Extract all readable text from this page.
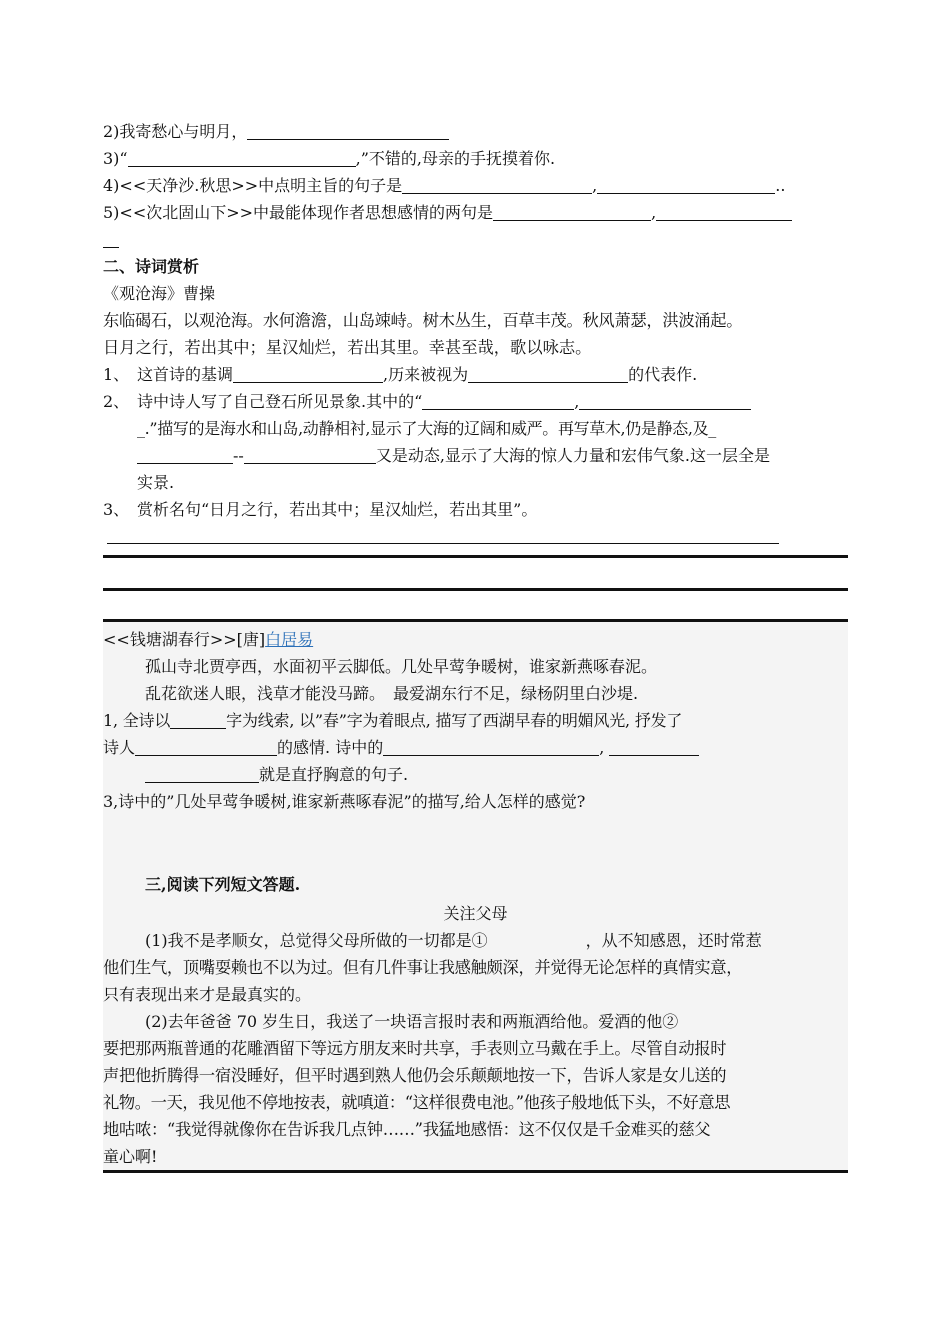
2)我寄愁心与明月，
3)“	,”不错的,母亲的手抚摸着你.
4)<<天净沙.秋思>>中点明主旨的句子是	,	..
5)<<次北固山下>>中最能体现作者思想感情的两句是	,
二、诗词赏析
《观沧海》曹操
东临碣石，以观沧海。水何澹澹，山岛竦峙。树木丛生，百草丰茂。秋风萧瑟，洪波涌起。
日月之行，若出其中；星汉灿烂，若出其里。幸甚至哉，歌以咏志。
1、 这首诗的基调	,历来被视为	的代表作.
2、 诗中诗人写了自己登石所见景象.其中的“	,
_.”描写的是海水和山岛,动静相衬,显示了大海的辽阔和威严。再写草木,仍是静态,及_
--	又是动态,显示了大海的惊人力量和宏伟气象.这一层全是
实景.
3、 赏析名句“日月之行，若出其中；星汉灿烂，若出其里”。
<<钱塘湖春行>>[唐]白居易
孤山寺北贾亭西，水面初平云脚低。几处早莺争暖树，谁家新燕啄春泥。
乱花欲迷人眼，浅草才能没马蹄。　最爱湖东行不足，绿杨阴里白沙堤.
1, 全诗以	字为线索, 以”春”字为着眼点, 描写了西湖早春的明媚风光, 抒发了
诗人	的感情. 诗中的	,
就是直抒胸意的句子.
3,诗中的”几处早莺争暖树,谁家新燕啄春泥”的描写,给人怎样的感觉?
三,阅读下列短文答题.
关注父母
(1)我不是孝顺女，总觉得父母所做的一切都是①	，从不知感恩，还时常惹
他们生气，顶嘴耍赖也不以为过。但有几件事让我感触颇深，并觉得无论怎样的真情实意，
只有表现出来才是最真实的。
(2)去年爸爸 70 岁生日，我送了一块语言报时表和两瓶酒给他。爱酒的他②
要把那两瓶普通的花雕酒留下等远方朋友来时共享，手表则立马戴在手上。尽管自动报时
声把他折腾得一宿没睡好，但平时遇到熟人他仍会乐颠颠地按一下，告诉人家是女儿送的
礼物。一天，我见他不停地按表，就嗔道：“这样很费电池。”他孩子般地低下头，不好意思
地咕哝：“我觉得就像你在告诉我几点钟……”我猛地感悟：这不仅仅是千金难买的慈父
童心啊!
